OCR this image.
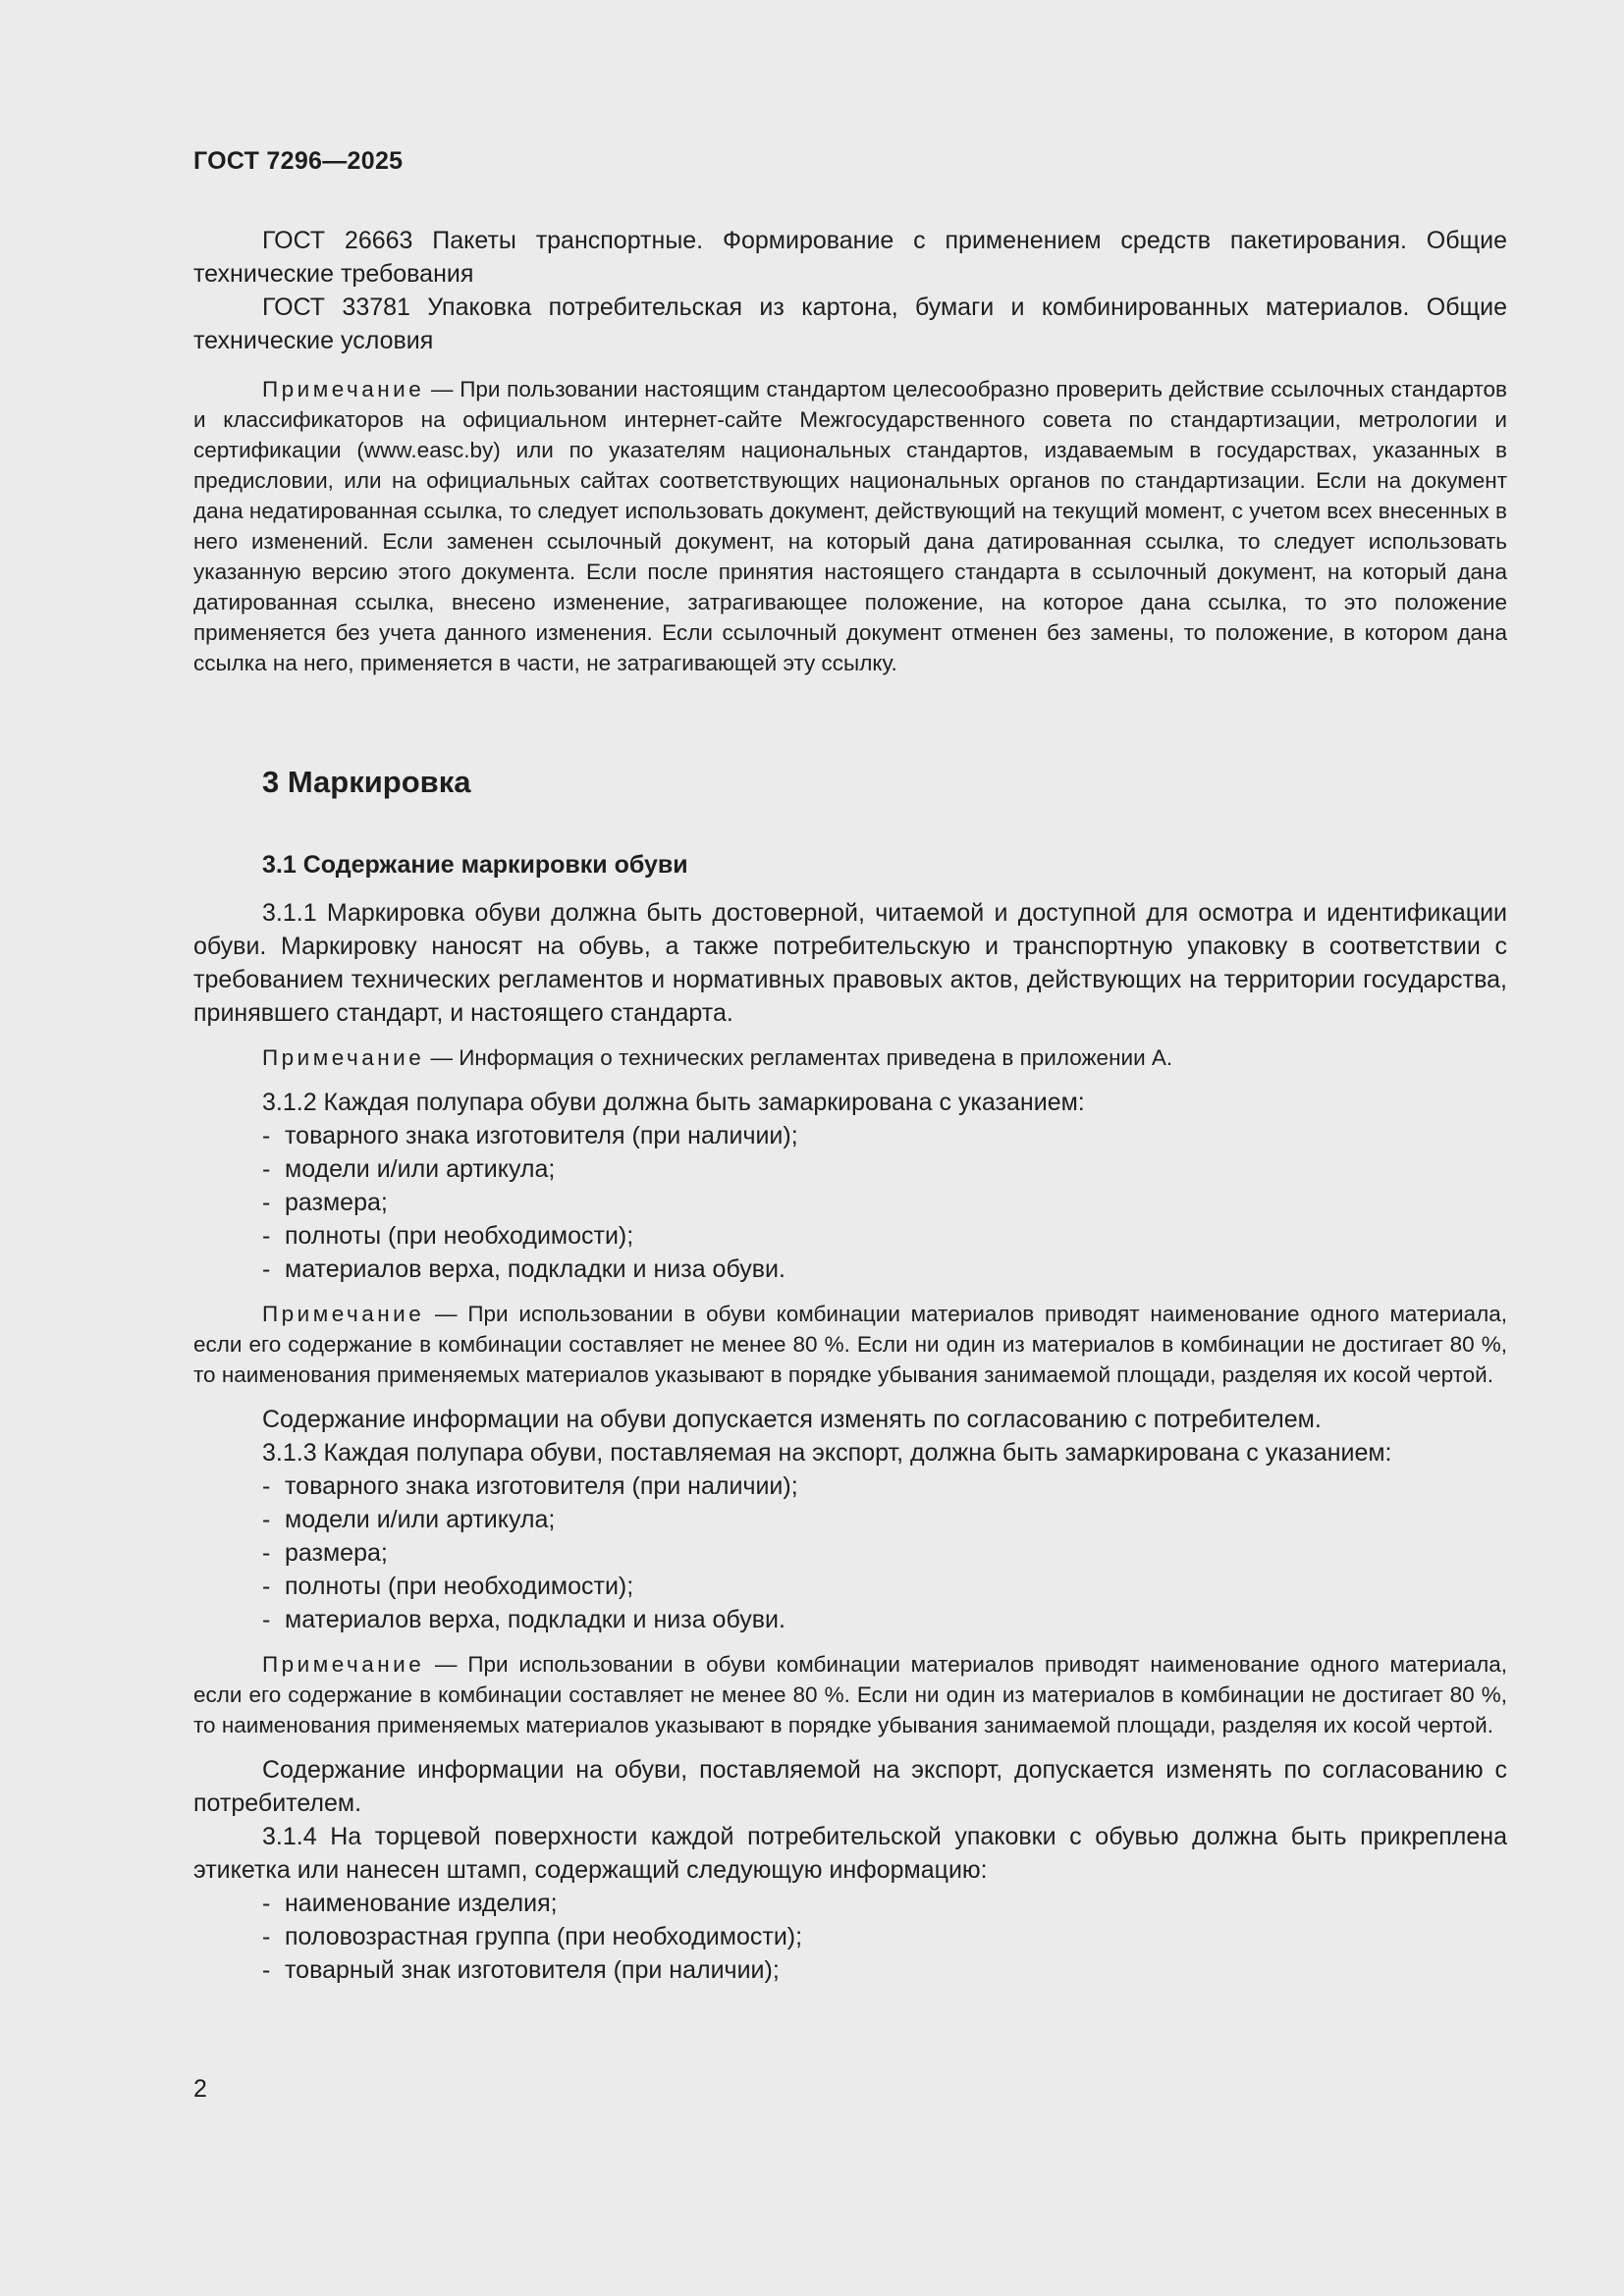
ГОСТ 7296—2025

ГОСТ 26663 Пакеты транспортные. Формирование с применением средств пакетирования. Общие технические требования

ГОСТ 33781 Упаковка потребительская из картона, бумаги и комбинированных материалов. Общие технические условия

Примечание — При пользовании настоящим стандартом целесообразно проверить действие ссылочных стандартов и классификаторов на официальном интернет-сайте Межгосударственного совета по стандартизации, метрологии и сертификации (www.easc.by) или по указателям национальных стандартов, издаваемым в государствах, указанных в предисловии, или на официальных сайтах соответствующих национальных органов по стандартизации. Если на документ дана недатированная ссылка, то следует использовать документ, действующий на текущий момент, с учетом всех внесенных в него изменений. Если заменен ссылочный документ, на который дана датированная ссылка, то следует использовать указанную версию этого документа. Если после принятия настоящего стандарта в ссылочный документ, на который дана датированная ссылка, внесено изменение, затрагивающее положение, на которое дана ссылка, то это положение применяется без учета данного изменения. Если ссылочный документ отменен без замены, то положение, в котором дана ссылка на него, применяется в части, не затрагивающей эту ссылку.

3 Маркировка
3.1 Содержание маркировки обуви

3.1.1 Маркировка обуви должна быть достоверной, читаемой и доступной для осмотра и идентификации обуви. Маркировку наносят на обувь, а также потребительскую и транспортную упаковку в соответствии с требованием технических регламентов и нормативных правовых актов, действующих на территории государства, принявшего стандарт, и настоящего стандарта.

Примечание — Информация о технических регламентах приведена в приложении А.

3.1.2 Каждая полупара обуви должна быть замаркирована с указанием:

- товарного знака изготовителя (при наличии);
- модели и/или артикула;
- размера;
- полноты (при необходимости);
- материалов верха, подкладки и низа обуви.

Примечание — При использовании в обуви комбинации материалов приводят наименование одного материала, если его содержание в комбинации составляет не менее 80 %. Если ни один из материалов в комбинации не достигает 80 %, то наименования применяемых материалов указывают в порядке убывания занимаемой площади, разделяя их косой чертой.

Содержание информации на обуви допускается изменять по согласованию с потребителем.

3.1.3 Каждая полупара обуви, поставляемая на экспорт, должна быть замаркирована с указанием:

- товарного знака изготовителя (при наличии);
- модели и/или артикула;
- размера;
- полноты (при необходимости);
- материалов верха, подкладки и низа обуви.

Примечание — При использовании в обуви комбинации материалов приводят наименование одного материала, если его содержание в комбинации составляет не менее 80 %. Если ни один из материалов в комбинации не достигает 80 %, то наименования применяемых материалов указывают в порядке убывания занимаемой площади, разделяя их косой чертой.

Содержание информации на обуви, поставляемой на экспорт, допускается изменять по согласованию с потребителем.

3.1.4 На торцевой поверхности каждой потребительской упаковки с обувью должна быть прикреплена этикетка или нанесен штамп, содержащий следующую информацию:

- наименование изделия;
- половозрастная группа (при необходимости);
- товарный знак изготовителя (при наличии);
2
